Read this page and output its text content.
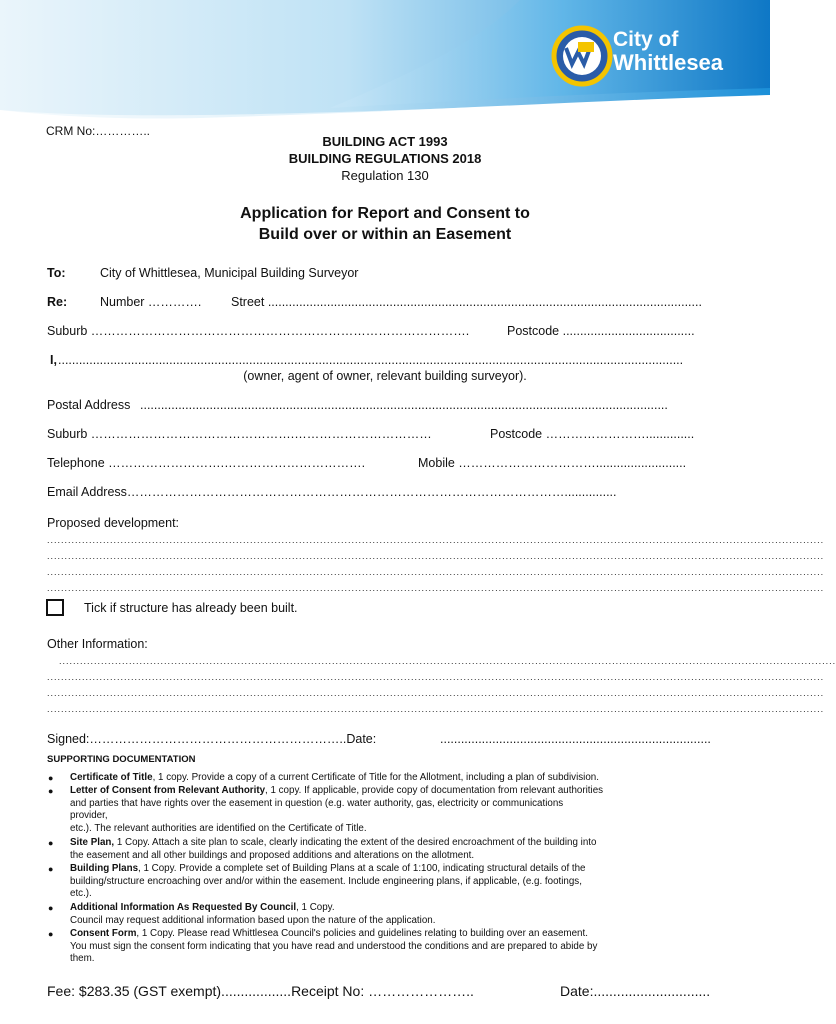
City of
Whittlesea
CRM No:…………..
BUILDING ACT 1993
BUILDING REGULATIONS 2018
Regulation 130
Application for Report and Consent to
Build over or within an Easement
To:	City of Whittlesea, Municipal Building Surveyor
Re:	Number …………. Street .............................................................................................................................
Suburb ……………………………………………………………………………….	Postcode ......................................
I, ....................................................................................................................................................................................
(owner, agent of owner, relevant building surveyor).
Postal Address ........................................................................................................................................................
Suburb ………………………………………….……………………………	Postcode ……………………..............
Telephone ……………………….…………………………….	Mobile ……………………………..........................
Email Address……………………………………………………………………………………………...............
Proposed development:
..............................................................................................................................................................................................................................
..............................................................................................................................................................................................................................
..............................................................................................................................................................................................................................
..............................................................................................................................................................................................................................
Tick if structure has already been built.
Other Information:
..............................................................................................................................................................................................................................
..............................................................................................................................................................................................................................
..............................................................................................................................................................................................................................
..............................................................................................................................................................................................................................
Signed:……………………………………………………..Date:	..............................................................................
SUPPORTING DOCUMENTATION
● Certificate of Title, 1 copy. Provide a copy of a current Certificate of Title for the Allotment, including a plan of subdivision.
● Letter of Consent from Relevant Authority, 1 copy. If applicable, provide copy of documentation from relevant authorities
and parties that have rights over the easement in question (e.g. water authority, gas, electricity or communications
provider,
etc.). The relevant authorities are identified on the Certificate of Title.
● Site Plan, 1 Copy. Attach a site plan to scale, clearly indicating the extent of the desired encroachment of the building into
the easement and all other buildings and proposed additions and alterations on the allotment.
● Building Plans, 1 Copy. Provide a complete set of Building Plans at a scale of 1:100, indicating structural details of the
building/structure encroaching over and/or within the easement. Include engineering plans, if applicable, (e.g. footings,
etc.).
● Additional Information As Requested By Council, 1 Copy.
Council may request additional information based upon the nature of the application.
● Consent Form, 1 Copy. Please read Whittlesea Council's policies and guidelines relating to building over an easement.
You must sign the consent form indicating that you have read and understood the conditions and are prepared to abide by
them.
Fee: $283.35 (GST exempt)..................Receipt No: …………………..	Date:..............................
